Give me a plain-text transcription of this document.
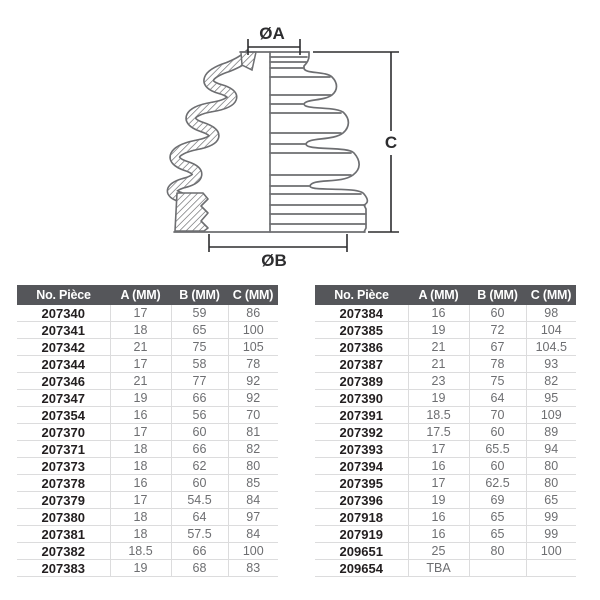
ØA
C
ØB
No. Pièce	A (MM)	B (MM)	C (MM)
207340	17	59	86
207341	18	65	100
207342	21	75	105
207344	17	58	78
207346	21	77	92
207347	19	66	92
207354	16	56	70
207370	17	60	81
207371	18	66	82
207373	18	62	80
207378	16	60	85
207379	17	54.5	84
207380	18	64	97
207381	18	57.5	84
207382	18.5	66	100
207383	19	68	83
No. Pièce	A (MM)	B (MM)	C (MM)
207384	16	60	98
207385	19	72	104
207386	21	67	104.5
207387	21	78	93
207389	23	75	82
207390	19	64	95
207391	18.5	70	109
207392	17.5	60	89
207393	17	65.5	94
207394	16	60	80
207395	17	62.5	80
207396	19	69	65
207918	16	65	99
207919	16	65	99
209651	25	80	100
209654	TBA		
